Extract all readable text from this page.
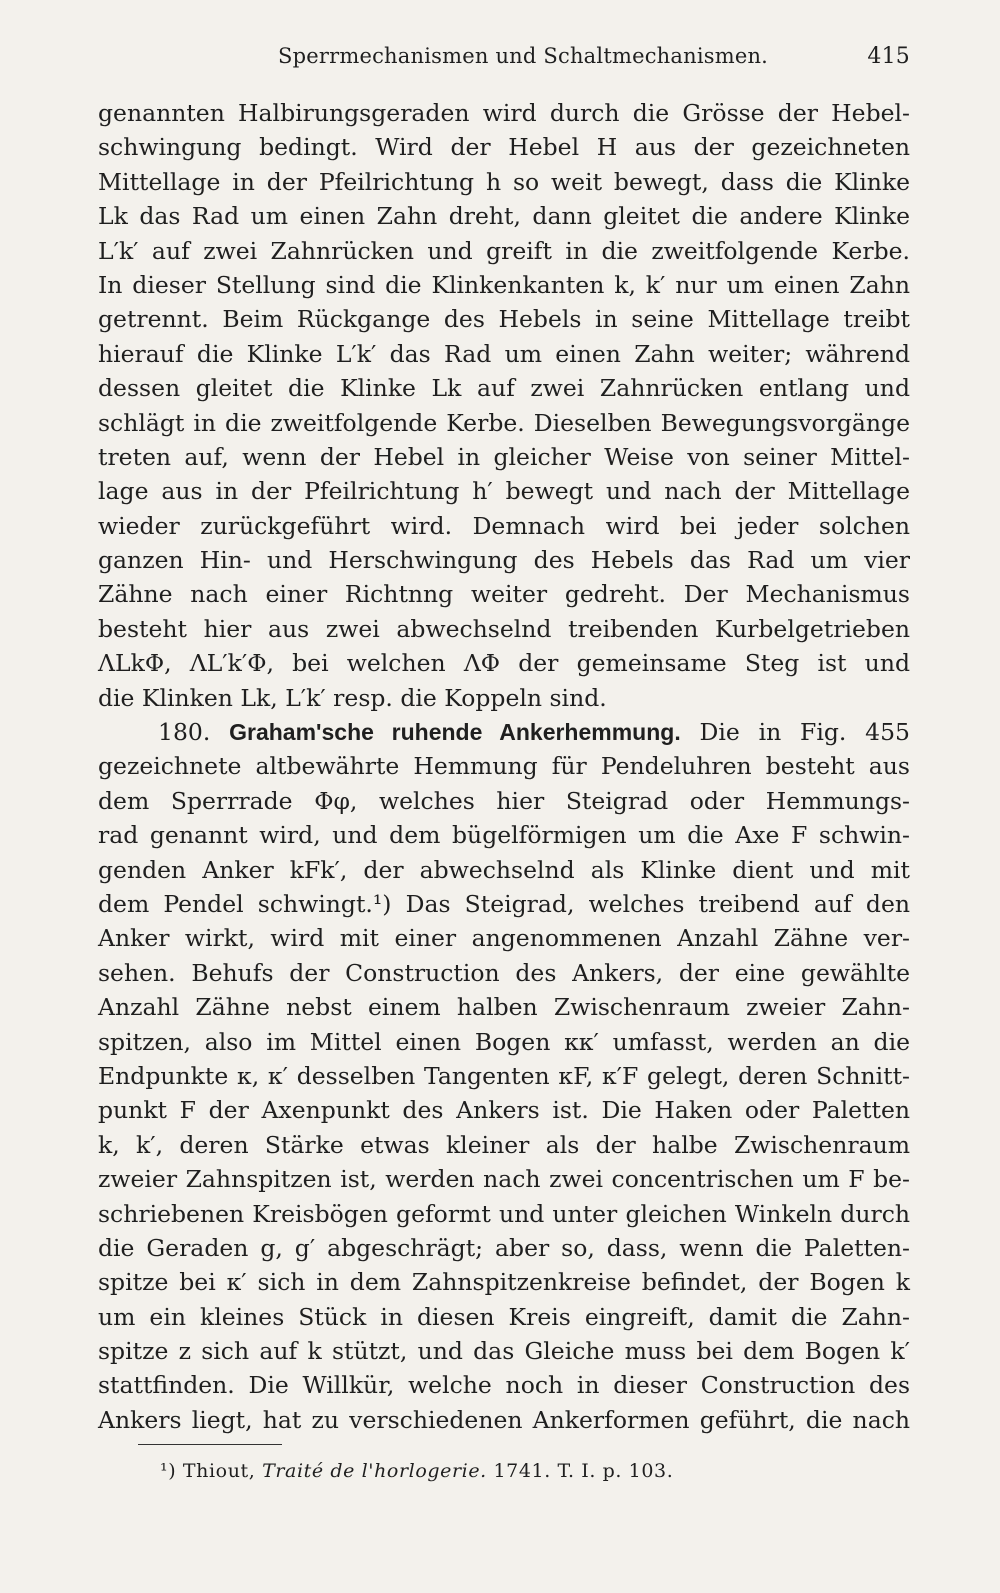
Sperrmechanismen und Schaltmechanismen.	415
genannten Halbirungsgeraden wird durch die Grösse der Hebel-
schwingung bedingt. Wird der Hebel H aus der gezeichneten
Mittellage in der Pfeilrichtung h so weit bewegt, dass die Klinke
Lk das Rad um einen Zahn dreht, dann gleitet die andere Klinke
L′k′ auf zwei Zahnrücken und greift in die zweitfolgende Kerbe.
In dieser Stellung sind die Klinkenkanten k, k′ nur um einen Zahn
getrennt. Beim Rückgange des Hebels in seine Mittellage treibt
hierauf die Klinke L′k′ das Rad um einen Zahn weiter; während
dessen gleitet die Klinke Lk auf zwei Zahnrücken entlang und
schlägt in die zweitfolgende Kerbe. Dieselben Bewegungsvorgänge
treten auf, wenn der Hebel in gleicher Weise von seiner Mittel-
lage aus in der Pfeilrichtung h′ bewegt und nach der Mittellage
wieder zurückgeführt wird. Demnach wird bei jeder solchen
ganzen Hin- und Herschwingung des Hebels das Rad um vier
Zähne nach einer Richtnng weiter gedreht. Der Mechanismus
besteht hier aus zwei abwechselnd treibenden Kurbelgetrieben
ΛLkΦ, ΛL′k′Φ, bei welchen ΛΦ der gemeinsame Steg ist und
die Klinken Lk, L′k′ resp. die Koppeln sind.
180. Graham'sche ruhende Ankerhemmung. Die in Fig. 455
gezeichnete altbewährte Hemmung für Pendeluhren besteht aus
dem Sperrrade Φφ, welches hier Steigrad oder Hemmungs-
rad genannt wird, und dem bügelförmigen um die Axe F schwin-
genden Anker kFk′, der abwechselnd als Klinke dient und mit
dem Pendel schwingt.¹) Das Steigrad, welches treibend auf den
Anker wirkt, wird mit einer angenommenen Anzahl Zähne ver-
sehen. Behufs der Construction des Ankers, der eine gewählte
Anzahl Zähne nebst einem halben Zwischenraum zweier Zahn-
spitzen, also im Mittel einen Bogen κκ′ umfasst, werden an die
Endpunkte κ, κ′ desselben Tangenten κF, κ′F gelegt, deren Schnitt-
punkt F der Axenpunkt des Ankers ist. Die Haken oder Paletten
k, k′, deren Stärke etwas kleiner als der halbe Zwischenraum
zweier Zahnspitzen ist, werden nach zwei concentrischen um F be-
schriebenen Kreisbögen geformt und unter gleichen Winkeln durch
die Geraden g, g′ abgeschrägt; aber so, dass, wenn die Paletten-
spitze bei κ′ sich in dem Zahnspitzenkreise befindet, der Bogen k
um ein kleines Stück in diesen Kreis eingreift, damit die Zahn-
spitze z sich auf k stützt, und das Gleiche muss bei dem Bogen k′
stattfinden. Die Willkür, welche noch in dieser Construction des
Ankers liegt, hat zu verschiedenen Ankerformen geführt, die nach
¹) Thiout, Traité de l'horlogerie. 1741. T. I. p. 103.
